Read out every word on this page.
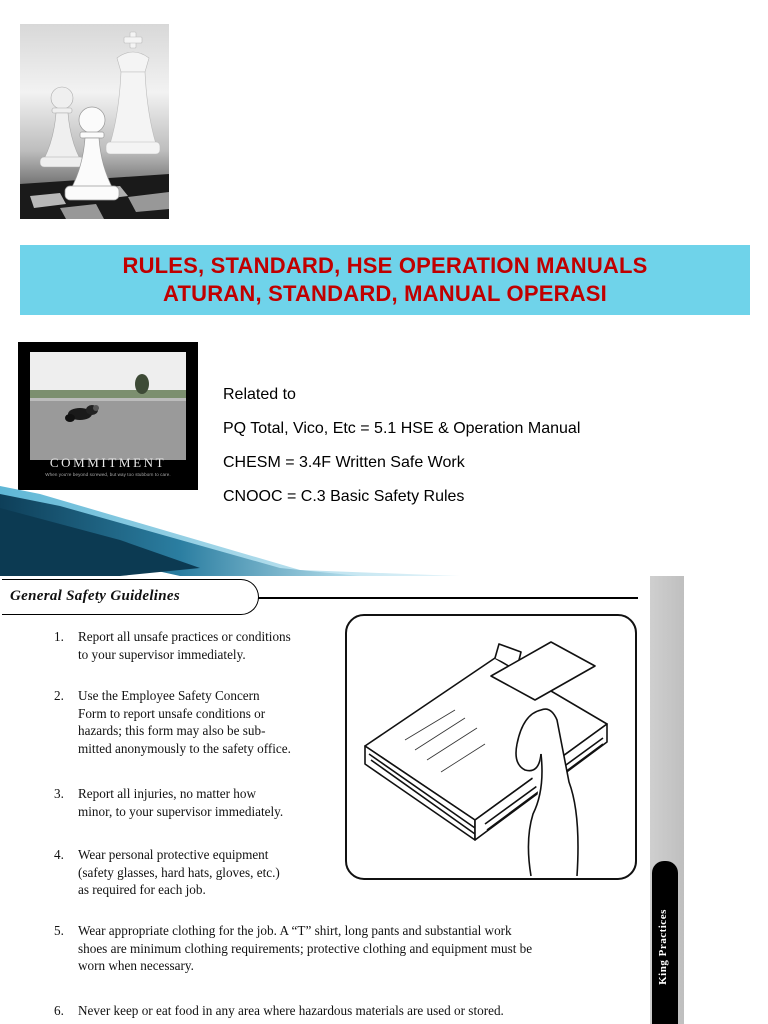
RULES, STANDARD, HSE OPERATION MANUALS
ATURAN, STANDARD, MANUAL OPERASI
COMMITMENT
When you're beyond screwed, but way too stubborn to care.
Related to
PQ Total, Vico, Etc = 5.1 HSE & Operation Manual
CHESM = 3.4F Written Safe Work
CNOOC = C.3 Basic Safety Rules
General Safety Guidelines
King Practices
1. Report all unsafe practices or conditions
to your supervisor immediately.
2. Use the Employee Safety Concern
Form to report unsafe conditions or
hazards; this form may also be sub-
mitted anonymously to the safety office.
3. Report all injuries, no matter how
minor, to your supervisor immediately.
4. Wear personal protective equipment
(safety glasses, hard hats, gloves, etc.)
as required for each job.
5. Wear appropriate clothing for the job. A “T” shirt, long pants and substantial work
shoes are minimum clothing requirements; protective clothing and equipment must be
worn when necessary.
6. Never keep or eat food in any area where hazardous materials are used or stored.
